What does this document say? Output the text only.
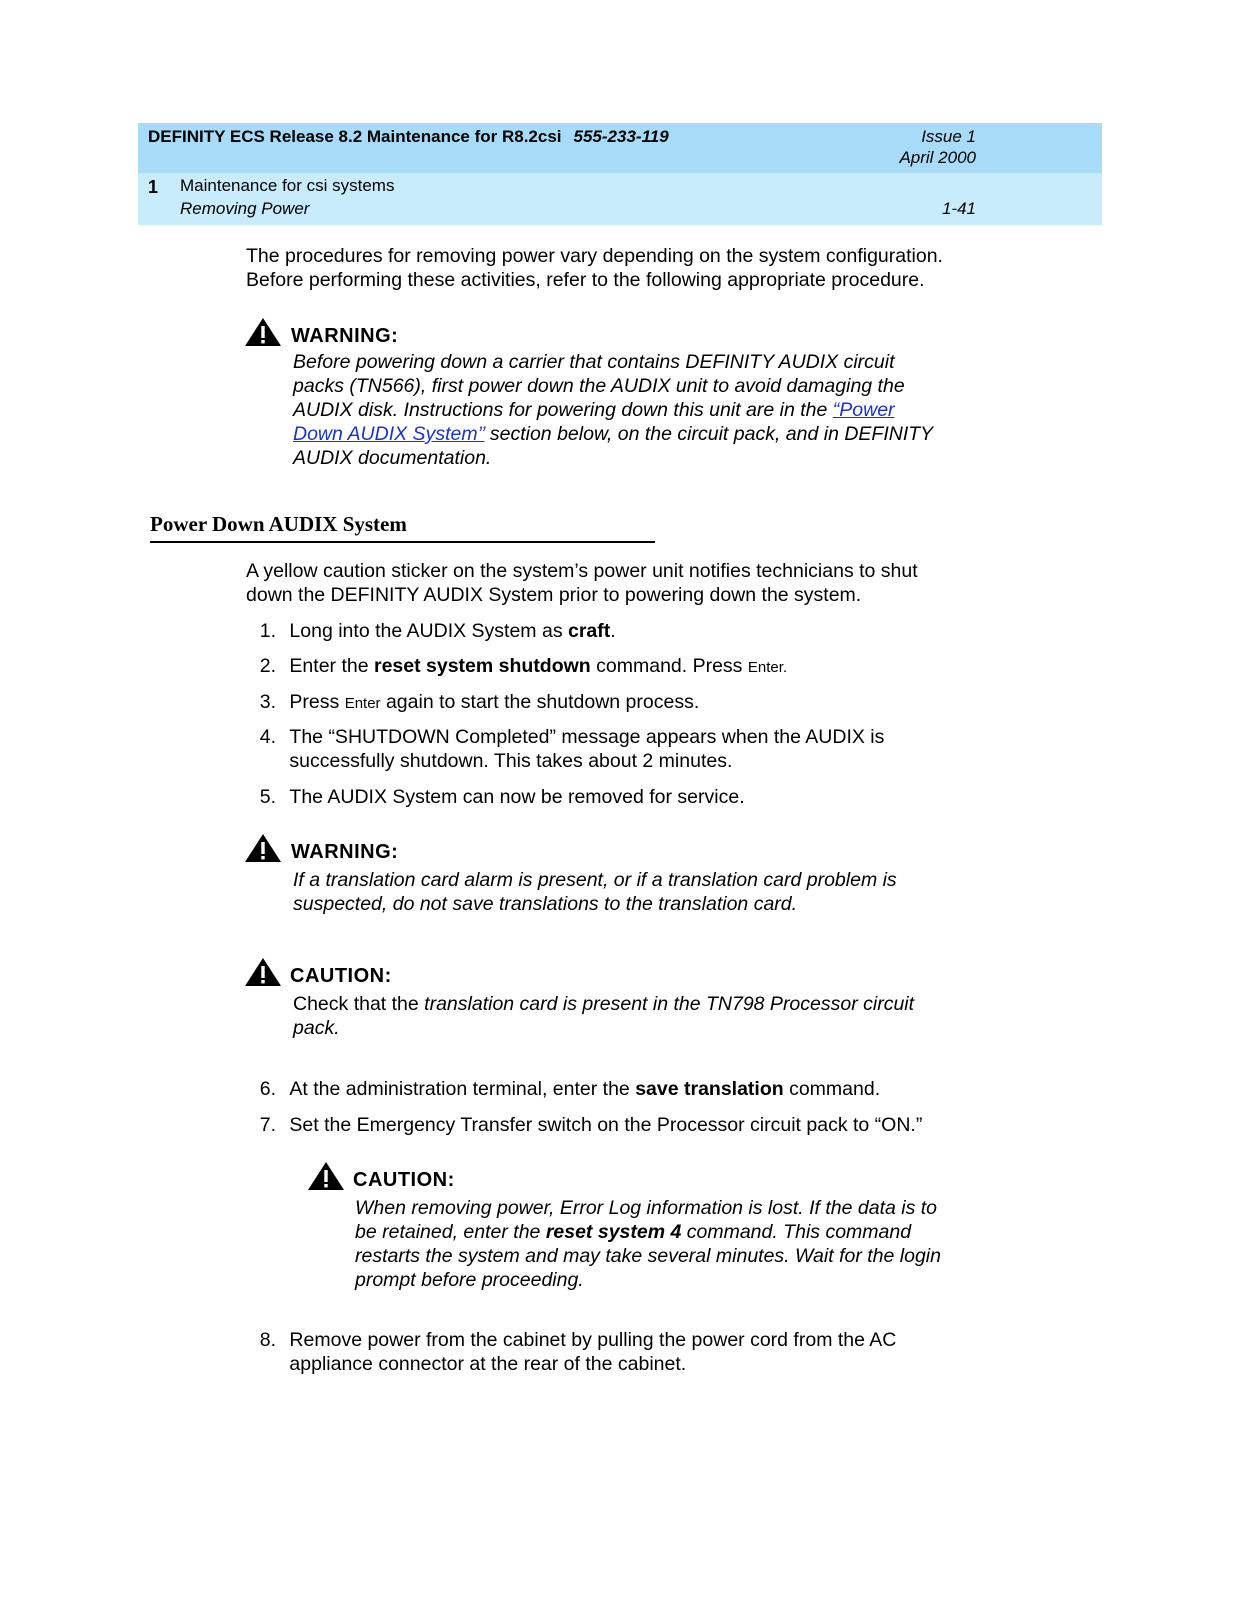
DEFINITY ECS Release 8.2 Maintenance for R8.2csi 555-233-119	Issue 1
April 2000
1 Maintenance for csi systems
Removing Power	1-41
The procedures for removing power vary depending on the system configuration.
Before performing these activities, refer to the following appropriate procedure.
WARNING:
Before powering down a carrier that contains DEFINITY AUDIX circuit
packs (TN566), first power down the AUDIX unit to avoid damaging the
AUDIX disk. Instructions for powering down this unit are in the “Power
Down AUDIX System’’ section below, on the circuit pack, and in DEFINITY
AUDIX documentation.
Power Down AUDIX System
A yellow caution sticker on the system’s power unit notifies technicians to shut
down the DEFINITY AUDIX System prior to powering down the system.
1. Long into the AUDIX System as craft.
2. Enter the reset system shutdown command. Press Enter.
3. Press Enter again to start the shutdown process.
4. The “SHUTDOWN Completed” message appears when the AUDIX is
successfully shutdown. This takes about 2 minutes.
5. The AUDIX System can now be removed for service.
WARNING:
If a translation card alarm is present, or if a translation card problem is
suspected, do not save translations to the translation card.
CAUTION:
Check that the translation card is present in the TN798 Processor circuit
pack.
6. At the administration terminal, enter the save translation command.
7. Set the Emergency Transfer switch on the Processor circuit pack to “ON.”
CAUTION:
When removing power, Error Log information is lost. If the data is to
be retained, enter the reset system 4 command. This command
restarts the system and may take several minutes. Wait for the login
prompt before proceeding.
8. Remove power from the cabinet by pulling the power cord from the AC
appliance connector at the rear of the cabinet.
